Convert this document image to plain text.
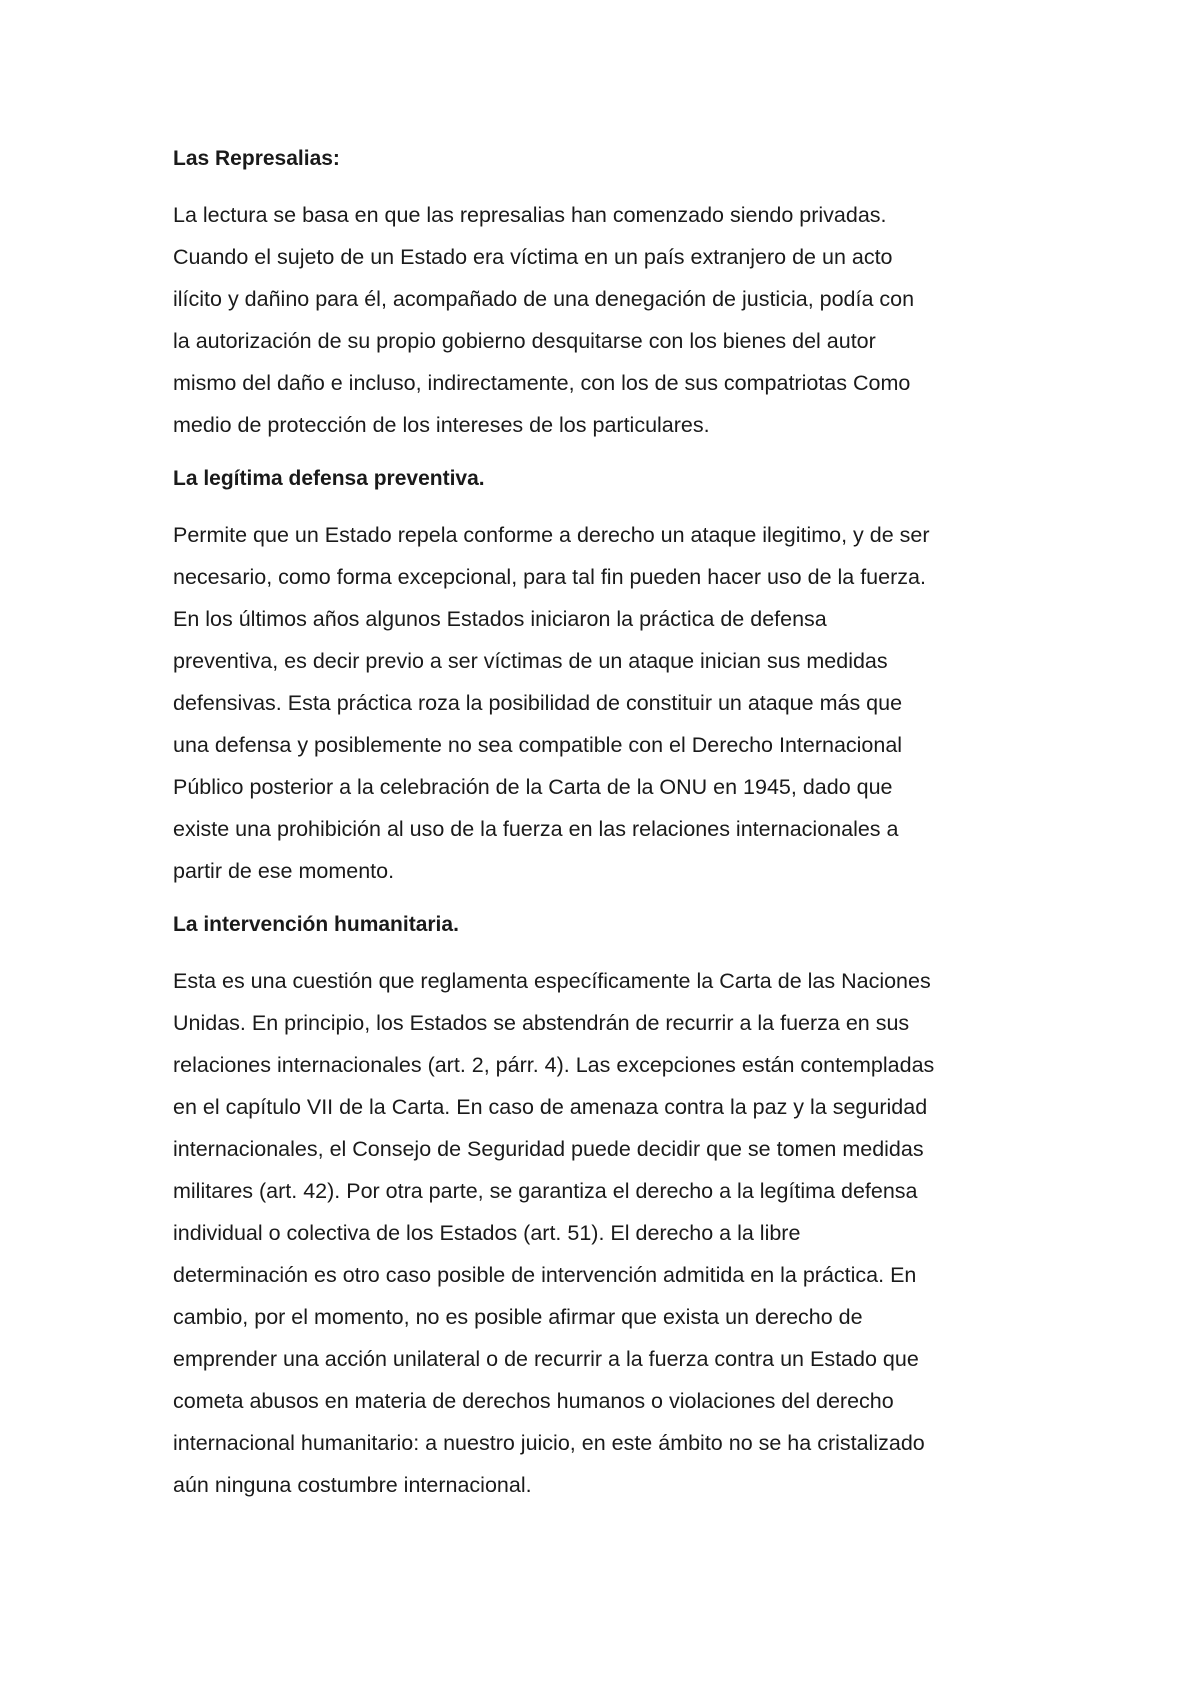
Las Represalias:

La lectura se basa en que las represalias han comenzado siendo privadas.
Cuando el sujeto de un Estado era víctima en un país extranjero de un acto
ilícito y dañino para él, acompañado de una denegación de justicia, podía con
la autorización de su propio gobierno desquitarse con los bienes del autor
mismo del daño e incluso, indirectamente, con los de sus compatriotas Como
medio de protección de los intereses de los particulares.

La legítima defensa preventiva.

Permite que un Estado repela conforme a derecho un ataque ilegitimo, y de ser
necesario, como forma excepcional, para tal fin pueden hacer uso de la fuerza.
En los últimos años algunos Estados iniciaron la práctica de defensa
preventiva, es decir previo a ser víctimas de un ataque inician sus medidas
defensivas. Esta práctica roza la posibilidad de constituir un ataque más que
una defensa y posiblemente no sea compatible con el Derecho Internacional
Público posterior a la celebración de la Carta de la ONU en 1945, dado que
existe una prohibición al uso de la fuerza en las relaciones internacionales a
partir de ese momento.

La intervención humanitaria.

Esta es una cuestión que reglamenta específicamente la Carta de las Naciones
Unidas. En principio, los Estados se abstendrán de recurrir a la fuerza en sus
relaciones internacionales (art. 2, párr. 4). Las excepciones están contempladas
en el capítulo VII de la Carta. En caso de amenaza contra la paz y la seguridad
internacionales, el Consejo de Seguridad puede decidir que se tomen medidas
militares (art. 42). Por otra parte, se garantiza el derecho a la legítima defensa
individual o colectiva de los Estados (art. 51). El derecho a la libre
determinación es otro caso posible de intervención admitida en la práctica. En
cambio, por el momento, no es posible afirmar que exista un derecho de
emprender una acción unilateral o de recurrir a la fuerza contra un Estado que
cometa abusos en materia de derechos humanos o violaciones del derecho
internacional humanitario: a nuestro juicio, en este ámbito no se ha cristalizado
aún ninguna costumbre internacional.
